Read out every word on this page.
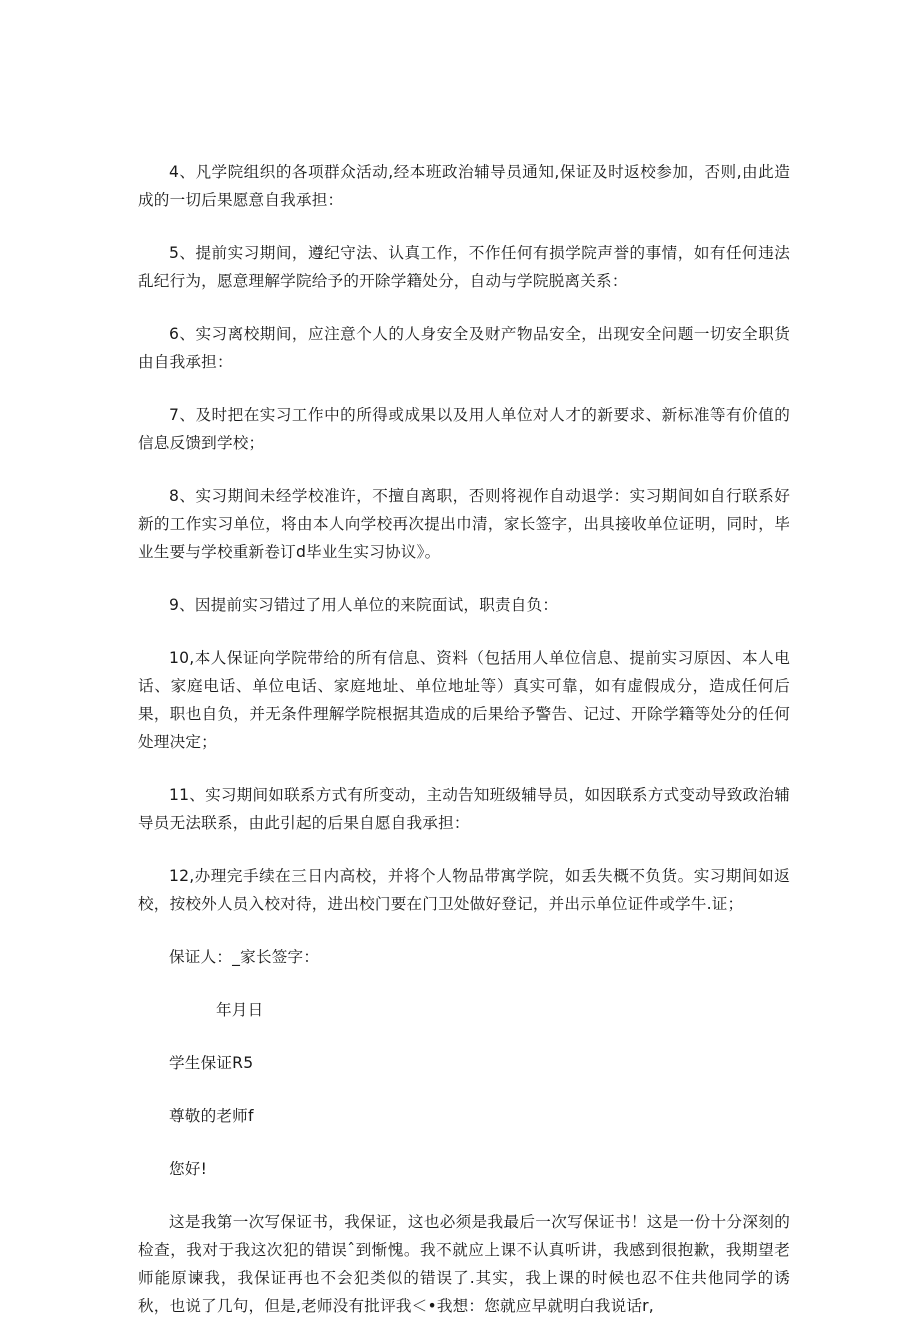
4、凡学院组织的各项群众活动,经本班政治辅导员通知,保证及时返校参加，否则,由此造成的一切后果愿意自我承担：

5、提前实习期间，遵纪守法、认真工作，不作任何有损学院声誉的事情，如有任何违法乱纪行为，愿意理解学院给予的开除学籍处分，自动与学院脱离关系：

6、实习离校期间，应注意个人的人身安全及财产物品安全，出现安全问题一切安全职货由自我承担：

7、及时把在实习工作中的所得或成果以及用人单位对人才的新要求、新标准等有价值的信息反馈到学校；

8、实习期间未经学校准许，不擅自离职，否则将视作自动退学：实习期间如自行联系好新的工作实习单位，将由本人向学校再次提出巾清，家长签字，出具接收单位证明，同时，毕业生要与学校重新卷订d毕业生实习协议》。

9、因提前实习错过了用人单位的来院面试，职责自负：

10,本人保证向学院带给的所有信息、资料（包括用人单位信息、提前实习原因、本人电话、家庭电话、单位电话、家庭地址、单位地址等）真实可靠，如有虚假成分，造成任何后果，职也自负，并无条件理解学院根据其造成的后果给予警告、记过、开除学籍等处分的任何处理决定；

11、实习期间如联系方式有所变动，主动告知班级辅导员，如因联系方式变动导致政治辅导员无法联系，由此引起的后果自愿自我承担：

12,办理完手续在三日内高校，并将个人物品带寓学院，如丢失概不负货。实习期间如返校，按校外人员入校对待，进出校门要在门卫处做好登记，并出示单位证件或学牛.证；

保证人：_家长签字：

年月日

学生保证R5

尊敬的老师f

您好!

这是我第一次写保证书，我保证，这也必须是我最后一次写保证书！这是一份十分深刻的检查，我对于我这次犯的错误ˆ到惭愧。我不就应上课不认真听讲，我感到很抱歉，我期望老师能原谏我，我保证再也不会犯类似的错误了.其实，我上课的时候也忍不住共他同学的诱秋，也说了几句，但是,老师没有批评我＜•我想：您就应早就明白我说话r,
